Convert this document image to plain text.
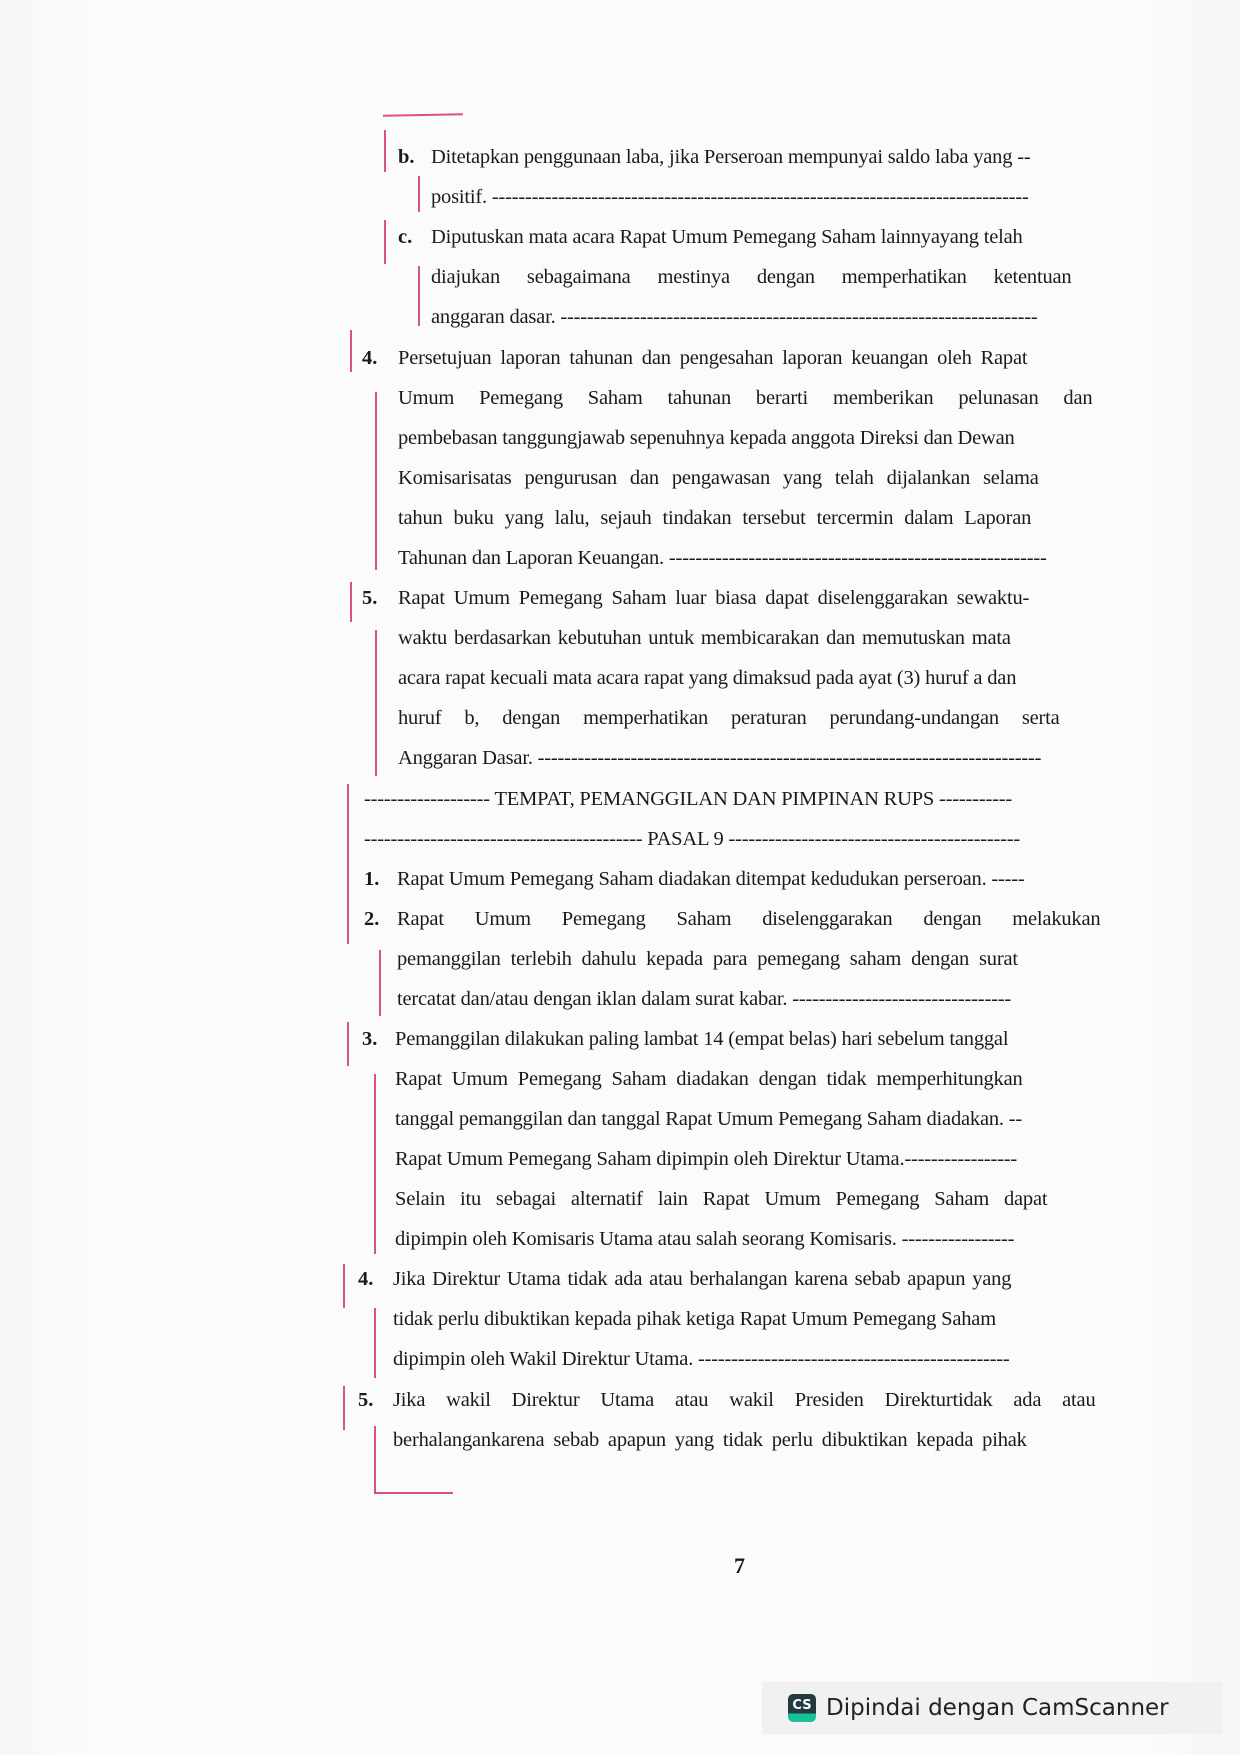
b. Ditetapkan penggunaan laba, jika Perseroan mempunyai saldo laba yang --
positif. ---------------------------------------------------------------------------------
c. Diputuskan mata acara Rapat Umum Pemegang Saham lainnyayang telah
diajukan sebagaimana mestinya dengan memperhatikan ketentuan
anggaran dasar. ------------------------------------------------------------------------
4. Persetujuan laporan tahunan dan pengesahan laporan keuangan oleh Rapat
Umum Pemegang Saham tahunan berarti memberikan pelunasan dan
pembebasan tanggungjawab sepenuhnya kepada anggota Direksi dan Dewan
Komisarisatas pengurusan dan pengawasan yang telah dijalankan selama
tahun buku yang lalu, sejauh tindakan tersebut tercermin dalam Laporan
Tahunan dan Laporan Keuangan. ---------------------------------------------------------
5. Rapat Umum Pemegang Saham luar biasa dapat diselenggarakan sewaktu-
waktu berdasarkan kebutuhan untuk membicarakan dan memutuskan mata
acara rapat kecuali mata acara rapat yang dimaksud pada ayat (3) huruf a dan
huruf b, dengan memperhatikan peraturan perundang-undangan serta
Anggaran Dasar. ----------------------------------------------------------------------------
------------------- TEMPAT, PEMANGGILAN DAN PIMPINAN RUPS -----------
------------------------------------------ PASAL 9 --------------------------------------------
1. Rapat Umum Pemegang Saham diadakan ditempat kedudukan perseroan. -----
2. Rapat Umum Pemegang Saham diselenggarakan dengan melakukan
pemanggilan terlebih dahulu kepada para pemegang saham dengan surat
tercatat dan/atau dengan iklan dalam surat kabar. ---------------------------------
3. Pemanggilan dilakukan paling lambat 14 (empat belas) hari sebelum tanggal
Rapat Umum Pemegang Saham diadakan dengan tidak memperhitungkan
tanggal pemanggilan dan tanggal Rapat Umum Pemegang Saham diadakan. --
Rapat Umum Pemegang Saham dipimpin oleh Direktur Utama.-----------------
Selain itu sebagai alternatif lain Rapat Umum Pemegang Saham dapat
dipimpin oleh Komisaris Utama atau salah seorang Komisaris. -----------------
4. Jika Direktur Utama tidak ada atau berhalangan karena sebab apapun yang
tidak perlu dibuktikan kepada pihak ketiga Rapat Umum Pemegang Saham
dipimpin oleh Wakil Direktur Utama. -----------------------------------------------
5. Jika wakil Direktur Utama atau wakil Presiden Direkturtidak ada atau
berhalangankarena sebab apapun yang tidak perlu dibuktikan kepada pihak
7
CS Dipindai dengan CamScanner
